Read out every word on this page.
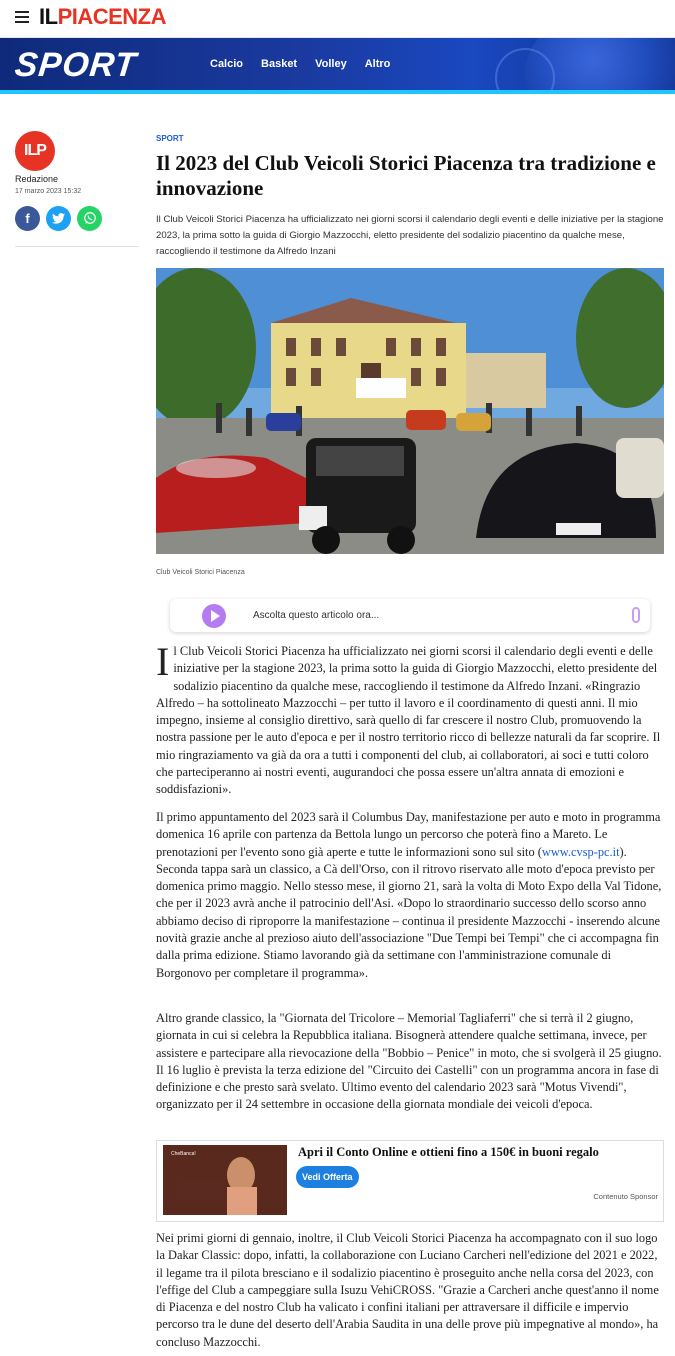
ILPIACENZA
SPORT	Calcio Basket Volley Altro
ILP
Redazione
17 marzo 2023 15:32
f
SPORT
Il 2023 del Club Veicoli Storici Piacenza tra tradizione e innovazione

Il Club Veicoli Storici Piacenza ha ufficializzato nei giorni scorsi il calendario degli eventi e delle iniziative per la stagione 2023, la prima sotto la guida di Giorgio Mazzocchi, eletto presidente del sodalizio piacentino da qualche mese, raccogliendo il testimone da Alfredo Inzani

Club Veicoli Storici Piacenza
Ascolta questo articolo ora...

Il Club Veicoli Storici Piacenza ha ufficializzato nei giorni scorsi il calendario degli eventi e delle iniziative per la stagione 2023, la prima sotto la guida di Giorgio Mazzocchi, eletto presidente del sodalizio piacentino da qualche mese, raccogliendo il testimone da Alfredo Inzani. «Ringrazio Alfredo – ha sottolineato Mazzocchi – per tutto il lavoro e il coordinamento di questi anni. Il mio impegno, insieme al consiglio direttivo, sarà quello di far crescere il nostro Club, promuovendo la nostra passione per le auto d'epoca e per il nostro territorio ricco di bellezze naturali da far scoprire. Il mio ringraziamento va già da ora a tutti i componenti del club, ai collaboratori, ai soci e tutti coloro che parteciperanno ai nostri eventi, augurandoci che possa essere un'altra annata di emozioni e soddisfazioni».

Il primo appuntamento del 2023 sarà il Columbus Day, manifestazione per auto e moto in programma domenica 16 aprile con partenza da Bettola lungo un percorso che poterà fino a Mareto. Le prenotazioni per l'evento sono già aperte e tutte le informazioni sono sul sito (www.cvsp-pc.it). Seconda tappa sarà un classico, a Cà dell'Orso, con il ritrovo riservato alle moto d'epoca previsto per domenica primo maggio. Nello stesso mese, il giorno 21, sarà la volta di Moto Expo della Val Tidone, che per il 2023 avrà anche il patrocinio dell'Asi. «Dopo lo straordinario successo dello scorso anno abbiamo deciso di riproporre la manifestazione – continua il presidente Mazzocchi - inserendo alcune novità grazie anche al prezioso aiuto dell'associazione "Due Tempi bei Tempi" che ci accompagna fin dalla prima edizione. Stiamo lavorando già da settimane con l'amministrazione comunale di Borgonovo per completare il programma».

Altro grande classico, la "Giornata del Tricolore – Memorial Tagliaferri" che si terrà il 2 giugno, giornata in cui si celebra la Repubblica italiana. Bisognerà attendere qualche settimana, invece, per assistere e partecipare alla rievocazione della "Bobbio – Penice" in moto, che si svolgerà il 25 giugno. Il 16 luglio è prevista la terza edizione del "Circuito dei Castelli" con un programma ancora in fase di definizione e che presto sarà svelato. Ultimo evento del calendario 2023 sarà "Motus Vivendi", organizzato per il 24 settembre in occasione della giornata mondiale dei veicoli d'epoca.

CheBanca!	Apri il Conto Online e ottieni fino a 150€ in buoni regalo
Vedi Offerta
Contenuto Sponsor

Nei primi giorni di gennaio, inoltre, il Club Veicoli Storici Piacenza ha accompagnato con il suo logo la Dakar Classic: dopo, infatti, la collaborazione con Luciano Carcheri nell'edizione del 2021 e 2022, il legame tra il pilota bresciano e il sodalizio piacentino è proseguito anche nella corsa del 2023, con l'effige del Club a campeggiare sulla Isuzu VehiCROSS. "Grazie a Carcheri anche quest'anno il nome di Piacenza e del nostro Club ha valicato i confini italiani per attraversare il difficile e impervio percorso tra le dune del deserto dell'Arabia Saudita in una delle prove più impegnative al mondo», ha concluso Mazzocchi.
